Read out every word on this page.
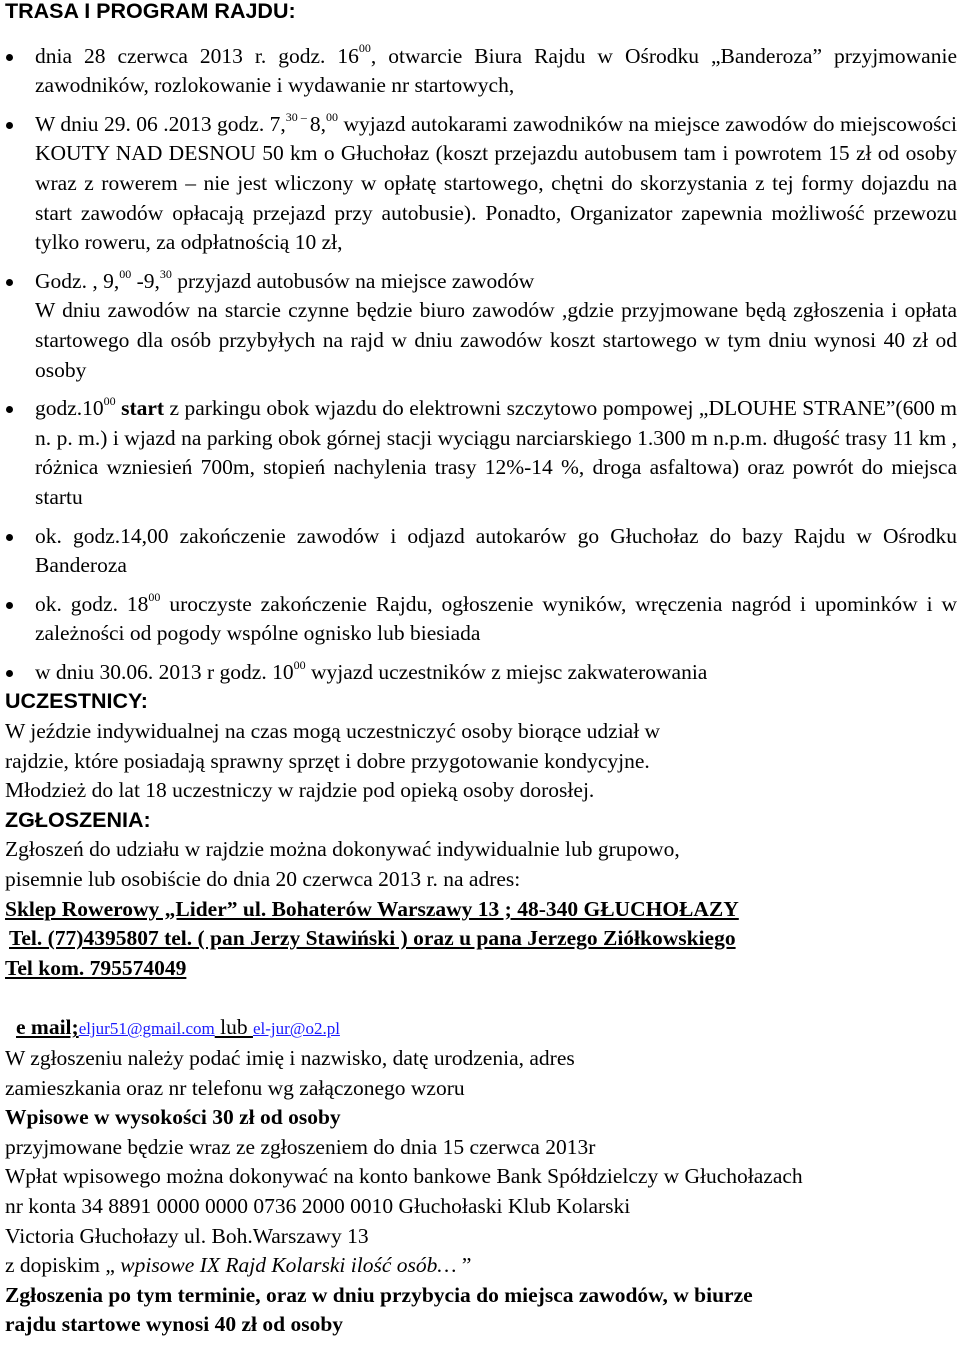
TRASA I PROGRAM RAJDU:
dnia 28 czerwca 2013 r. godz. $16^{00}$, otwarcie Biura Rajdu w Ośrodku „Banderoza” przyjmowanie zawodników, rozlokowanie i wydawanie nr startowych,
W dniu 29. 06 .2013 godz. 7,30 – 8,00 wyjazd autokarami zawodników na miejsce zawodów do miejscowości KOUTY NAD DESNOU 50 km o Głuchołaz (koszt przejazdu autobusem tam i powrotem 15 zł od osoby wraz z rowerem – nie jest wliczony w opłatę startowego, chętni do skorzystania z tej formy dojazdu na start zawodów opłacają przejazd przy autobusie). Ponadto, Organizator zapewnia możliwość przewozu tylko roweru, za odpłatnością 10 zł,
Godz. , 9,00 -9,30 przyjazd autobusów na miejsce zawodów
W dniu zawodów na starcie czynne będzie biuro zawodów ,gdzie przyjmowane będą zgłoszenia i opłata startowego dla osób przybyłych na rajd w dniu zawodów koszt startowego w tym dniu wynosi 40 zł od osoby
$godz.10^{00}$ start z parkingu obok wjazdu do elektrowni szczytowo pompowej „DLOUHE STRANE”(600 m n. p. m.) i wjazd na parking obok górnej stacji wyciągu narciarskiego 1.300 m n.p.m. długość trasy 11 km , różnica wzniesień 700m, stopień nachylenia trasy 12%-14 %, droga asfaltowa) oraz powrót do miejsca startu
ok. godz.14,00 zakończenie zawodów i odjazd autokarów go Głuchołaz do bazy Rajdu w Ośrodku Banderoza
ok. godz. $18^{00}$ uroczyste zakończenie Rajdu, ogłoszenie wyników, wręczenia nagród i upominków i w zależności od pogody wspólne ognisko lub biesiada
w dniu 30.06. 2013 r godz. $10^{00}$ wyjazd uczestników z miejsc zakwaterowania
UCZESTNICY:

W jeździe indywidualnej na czas mogą uczestniczyć osoby biorące udział w

rajdzie, które posiadają sprawny sprzęt i dobre przygotowanie kondycyjne.

Młodzież do lat 18 uczestniczy w rajdzie pod opieką osoby dorosłej.

ZGŁOSZENIA:

Zgłoszeń do udziału w rajdzie można dokonywać indywidualnie lub grupowo,

pisemnie lub osobiście do dnia 20 czerwca 2013 r. na adres:

Sklep Rowerowy „Lider” ul. Bohaterów Warszawy 13 ; 48-340 GŁUCHOŁAZY

Tel. (77)4395807 tel. ( pan Jerzy Stawiński ) oraz u pana Jerzego Ziółkowskiego

Tel kom. 795574049

e mail;eljur51@gmail.com lub el-jur@o2.pl

W zgłoszeniu należy podać imię i nazwisko, datę urodzenia, adres

zamieszkania oraz nr telefonu wg załączonego wzoru

Wpisowe w wysokości 30 zł od osoby

przyjmowane będzie wraz ze zgłoszeniem do dnia 15 czerwca 2013r

Wpłat wpisowego można dokonywać na konto bankowe Bank Spółdzielczy w Głuchołazach

nr konta 34 8891 0000 0000 0736 2000 0010 Głuchołaski Klub Kolarski

Victoria Głuchołazy ul. Boh.Warszawy 13

z dopiskim „ wpisowe IX Rajd Kolarski ilość osób… ”

Zgłoszenia po tym terminie, oraz w dniu przybycia do miejsca zawodów, w biurze

rajdu startowe wynosi 40 zł od osoby
